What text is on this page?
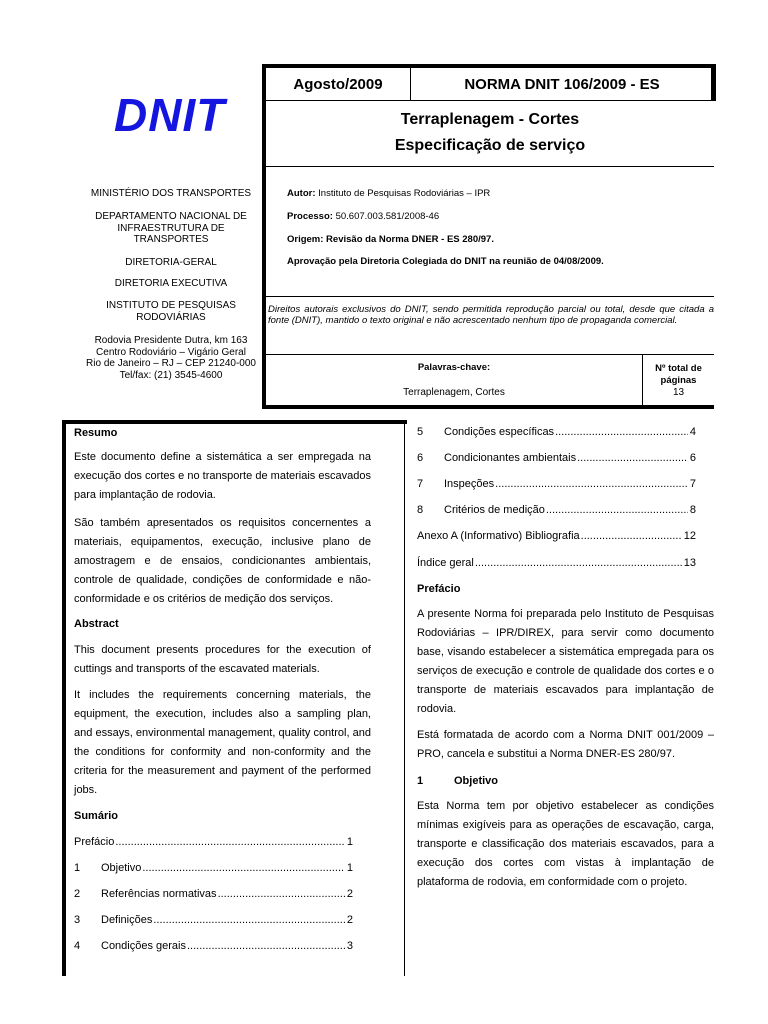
Agosto/2009	NORMA DNIT 106/2009 - ES
Terraplenagem - Cortes
Especificação de serviço
Autor: Instituto de Pesquisas Rodoviárias – IPR
Processo: 50.607.003.581/2008-46
Origem: Revisão da Norma DNER - ES 280/97.
Aprovação pela Diretoria Colegiada do DNIT na reunião de 04/08/2009.
Direitos autorais exclusivos do DNIT, sendo permitida reprodução parcial ou total, desde que citada a fonte (DNIT), mantido o texto original e não acrescentado nenhum tipo de propaganda comercial.
Palavras-chave:
Terraplenagem, Cortes
Nº total de
páginas
13
DNIT
MINISTÉRIO DOS TRANSPORTES
DEPARTAMENTO NACIONAL DE INFRAESTRUTURA DE TRANSPORTES
DIRETORIA-GERAL
DIRETORIA EXECUTIVA
INSTITUTO DE PESQUISAS RODOVIÁRIAS
Rodovia Presidente Dutra, km 163
Centro Rodoviário – Vigário Geral
Rio de Janeiro – RJ – CEP 21240-000
Tel/fax: (21) 3545-4600
Resumo
Este documento define a sistemática a ser empregada na execução dos cortes e no transporte de materiais escavados para implantação de rodovia.
São também apresentados os requisitos concernentes a materiais, equipamentos, execução, inclusive plano de amostragem e de ensaios, condicionantes ambientais, controle de qualidade, condições de conformidade e não-conformidade e os critérios de medição dos serviços.
Abstract
This document presents procedures for the execution of cuttings and transports of the escavated materials.
It includes the requirements concerning materials, the equipment, the execution, includes also a sampling plan, and essays, environmental management, quality control, and the conditions for conformity and non-conformity and the criteria for the measurement and payment of the performed jobs.
Sumário
Prefácio .....	1
1	Objetivo .....	1
2	Referências normativas .....	2
3	Definições .....	2
4	Condições gerais .....	3
5	Condições específicas .....	4
6	Condicionantes ambientais .....	6
7	Inspeções .....	7
8	Critérios de medição .....	8
Anexo A (Informativo) Bibliografia .....	12
Índice geral .....	13
Prefácio
A presente Norma foi preparada pelo Instituto de Pesquisas Rodoviárias – IPR/DIREX, para servir como documento base, visando estabelecer a sistemática empregada para os serviços de execução e controle de qualidade dos cortes e o transporte de materiais escavados para implantação de rodovia.
Está formatada de acordo com a Norma DNIT 001/2009 – PRO, cancela e substitui a Norma DNER-ES 280/97.
1	Objetivo
Esta Norma tem por objetivo estabelecer as condições mínimas exigíveis para as operações de escavação, carga, transporte e classificação dos materiais escavados, para a execução dos cortes com vistas à implantação de plataforma de rodovia, em conformidade com o projeto.
